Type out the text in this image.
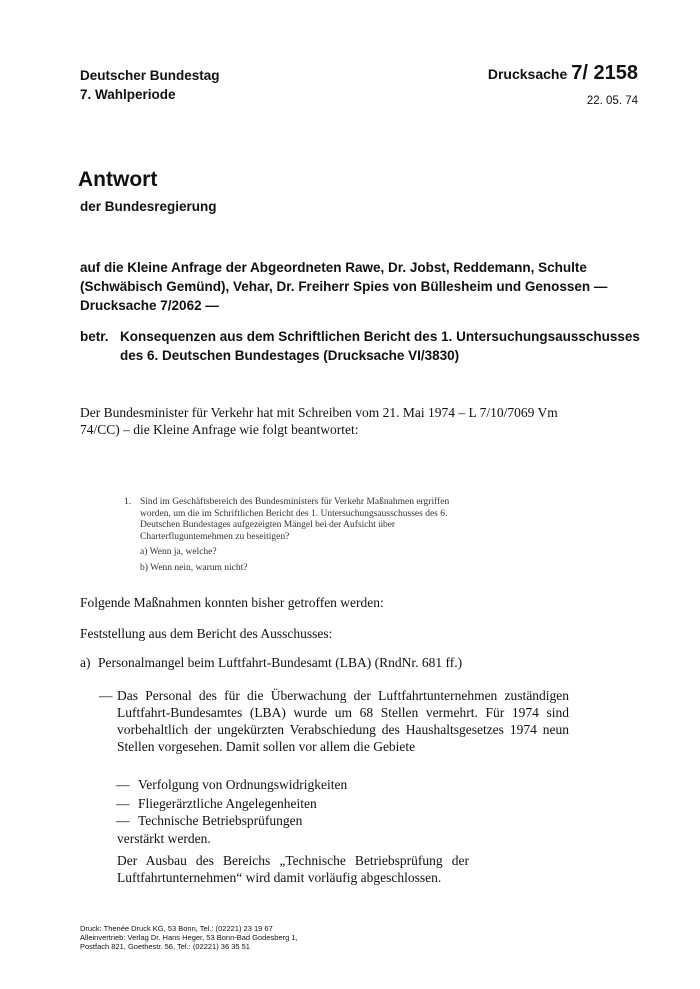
Deutscher Bundestag
7. Wahlperiode
Drucksache 7/ 2158
22. 05. 74
Antwort
der Bundesregierung
auf die Kleine Anfrage der Abgeordneten Rawe, Dr. Jobst, Reddemann, Schulte (Schwäbisch Gemünd), Vehar, Dr. Freiherr Spies von Büllesheim und Genossen — Drucksache 7/2062 —
betr. Konsequenzen aus dem Schriftlichen Bericht des 1. Untersuchungsausschusses des 6. Deutschen Bundestages (Drucksache VI/3830)
Der Bundesminister für Verkehr hat mit Schreiben vom 21. Mai 1974 – L 7/10/7069 Vm 74/CC) – die Kleine Anfrage wie folgt beantwortet:
1. Sind im Geschäftsbereich des Bundesministers für Verkehr Maßnahmen ergriffen worden, um die im Schriftlichen Bericht des 1. Untersuchungsausschusses des 6. Deutschen Bundestages aufgezeigten Mängel bei der Aufsicht über Charterfluguntemehmen zu beseitigen?
a) Wenn ja, welche?
b) Wenn nein, warum nicht?
Folgende Maßnahmen konnten bisher getroffen werden:
Feststellung aus dem Bericht des Ausschusses:
a) Personalmangel beim Luftfahrt-Bundesamt (LBA) (RndNr. 681 ff.)
— Das Personal des für die Überwachung der Luftfahrtunternehmen zuständigen Luftfahrt-Bundesamtes (LBA) wurde um 68 Stellen vermehrt. Für 1974 sind vorbehaltlich der ungekürzten Verabschiedung des Haushaltsgesetzes 1974 neun Stellen vorgesehen. Damit sollen vor allem die Gebiete
— Verfolgung von Ordnungswidrigkeiten
— Fliegerärztliche Angelegenheiten
— Technische Betriebsprüfungen
verstärkt werden.
Der Ausbau des Bereichs „Technische Betriebsprüfung der Luftfahrtunternehmen“ wird damit vorläufig abgeschlossen.
Druck: Thenée Druck KG, 53 Bonn, Tel.: (02221) 23 19 67
Alleinvertrieb: Verlag Dr. Hans Heger, 53 Bonn-Bad Godesberg 1,
Postfach 821, Goethestr. 56, Tel.: (02221) 36 35 51
